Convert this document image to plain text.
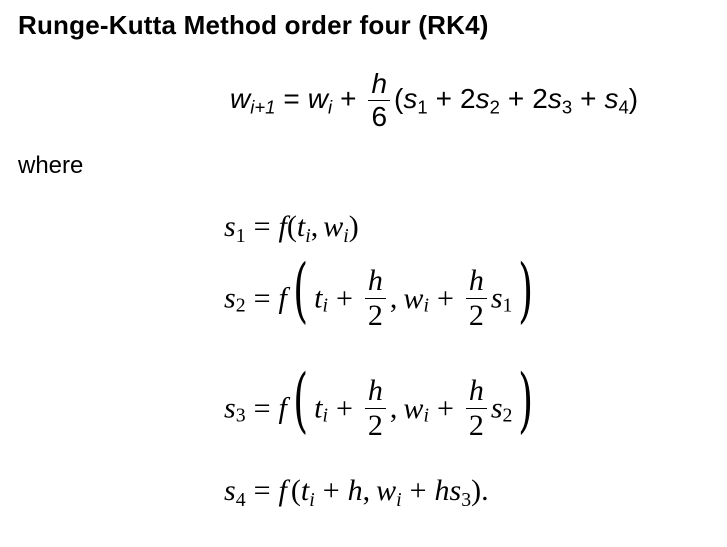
Runge-Kutta Method order four (RK4)
$w_{i+1} = w_i + \frac{h}{6} (s_1 + 2s_2 + 2s_3 + s_4)$
where
$s_1 = f(t_i$, $w_i$)
$s_2 = f$( $t_i + \frac{h}{2}$ , $w_i + \frac{h}{2} s_1$)
$s_3 = f$( $t_i + \frac{h}{2}$ , $w_i + \frac{h}{2} s_2$)
$s_4 = f$ ($t_i + h$, $w_i + hs_3$).
